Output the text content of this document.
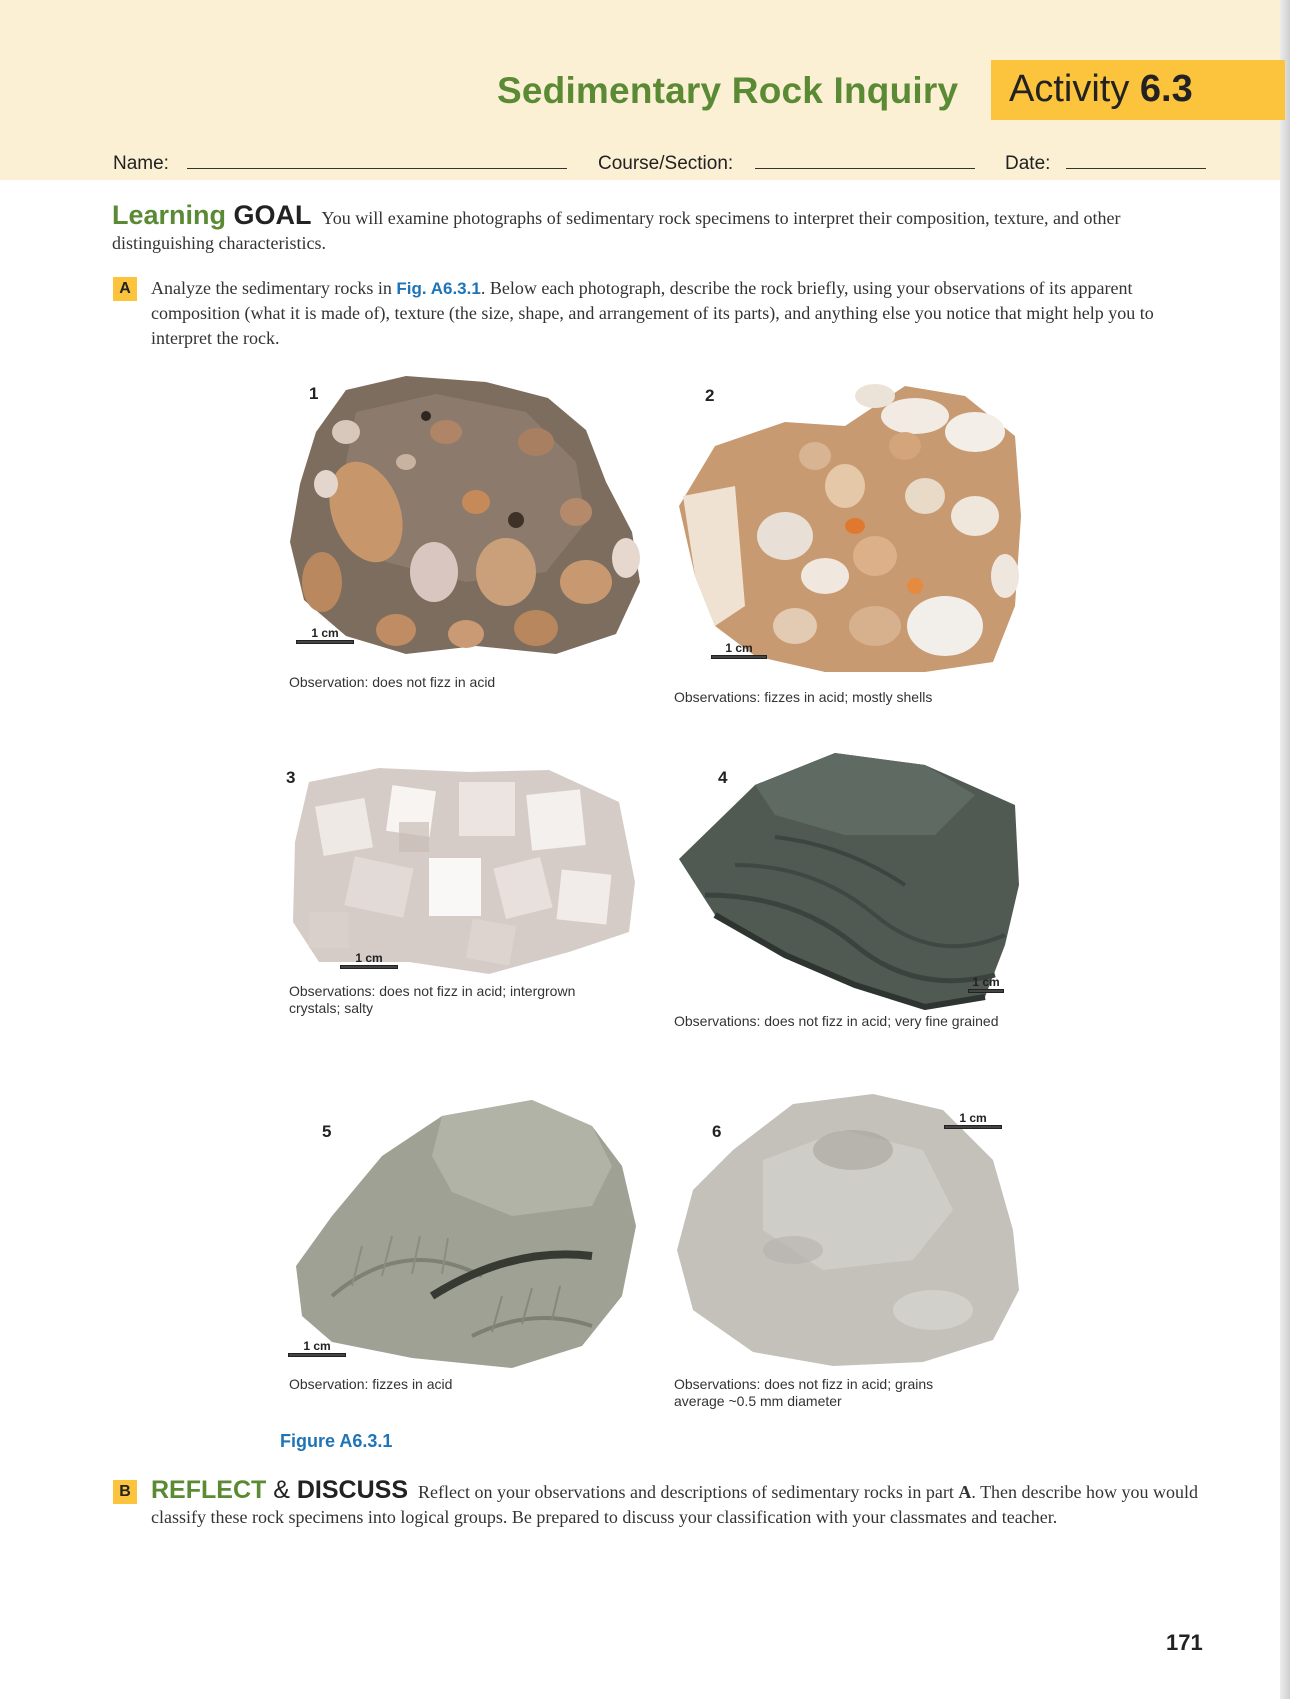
Sedimentary Rock Inquiry Activity 6.3
Name:	Course/Section:	Date:
Learning GOAL You will examine photographs of sedimentary rock specimens to interpret their composition, texture, and other distinguishing characteristics.
A	Analyze the sedimentary rocks in Fig. A6.3.1. Below each photograph, describe the rock briefly, using your observations of its apparent composition (what it is made of), texture (the size, shape, and arrangement of its parts), and anything else you notice that might help you to interpret the rock.
1
1 cm
Observation: does not fizz in acid
2
1 cm
Observations: fizzes in acid; mostly shells
3
1 cm
Observations: does not fizz in acid; intergrown crystals; salty
4
1 cm
Observations: does not fizz in acid; very fine grained
5
1 cm
Observation: fizzes in acid
6
1 cm
Observations: does not fizz in acid; grains average ~0.5 mm diameter
Figure A6.3.1
B REFLECT & DISCUSS Reflect on your observations and descriptions of sedimentary rocks in part A. Then describe how you would classify these rock specimens into logical groups. Be prepared to discuss your classification with your classmates and teacher.
171
